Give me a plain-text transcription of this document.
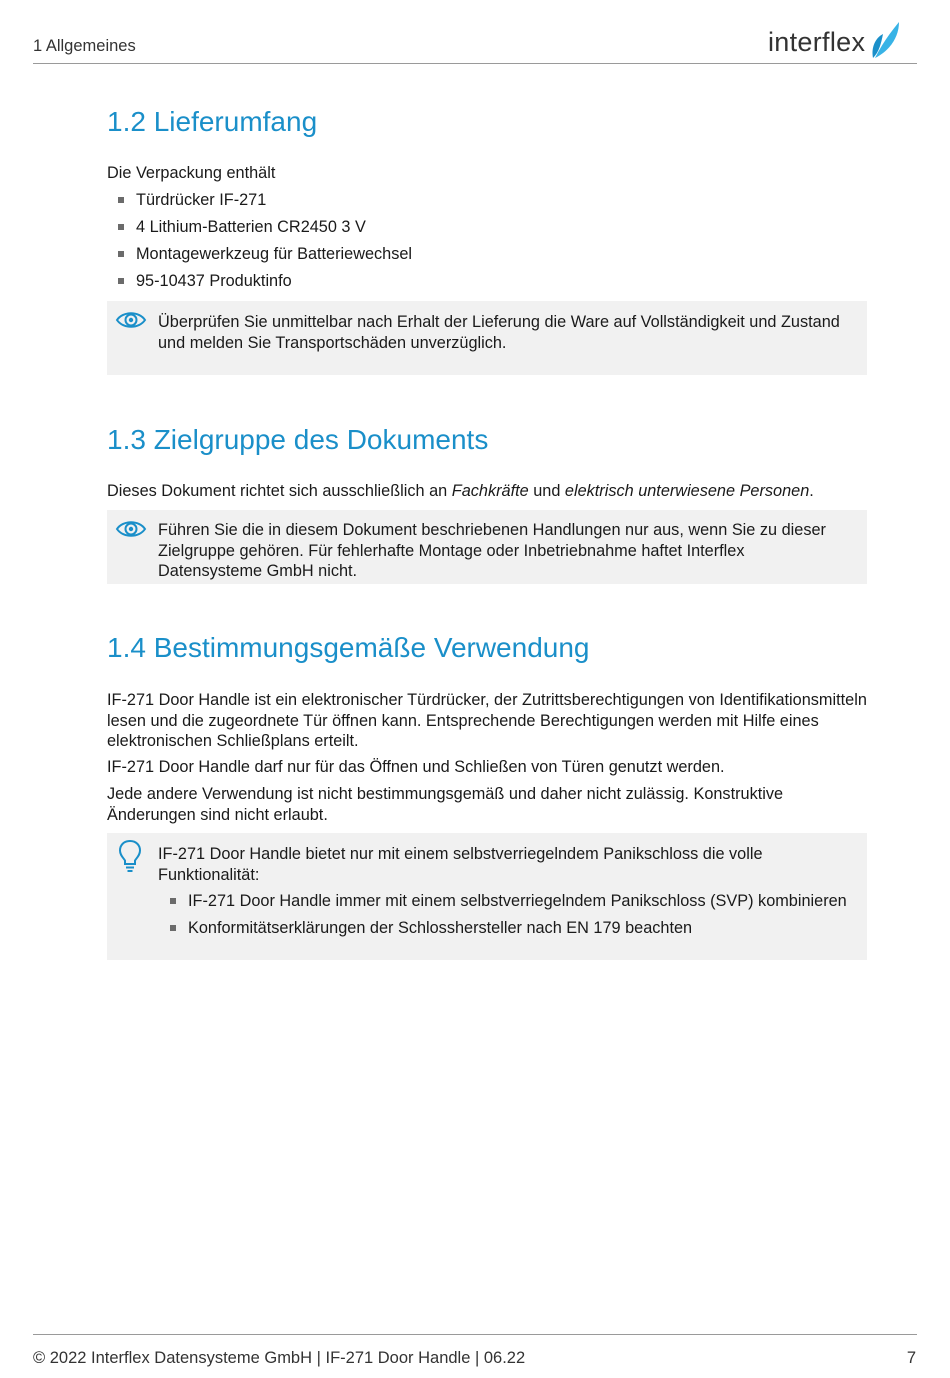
1 Allgemeines	interflex
1.2 Lieferumfang

Die Verpackung enthält

Türdrücker IF-271
4 Lithium-Batterien CR2450 3 V
Montagewerkzeug für Batteriewechsel
95-10437 Produktinfo
Überprüfen Sie unmittelbar nach Erhalt der Lieferung die Ware auf Vollständigkeit und Zustand und melden Sie Transportschäden unverzüglich.
1.3 Zielgruppe des Dokuments

Dieses Dokument richtet sich ausschließlich an Fachkräfte und elektrisch unterwiesene Personen.

Führen Sie die in diesem Dokument beschriebenen Handlungen nur aus, wenn Sie zu dieser Zielgruppe gehören. Für fehlerhafte Montage oder Inbetriebnahme haftet Interflex Datensysteme GmbH nicht.
1.4 Bestimmungsgemäße Verwendung

IF-271 Door Handle ist ein elektronischer Türdrücker, der Zutrittsberechtigungen von Identifikationsmitteln lesen und die zugeordnete Tür öffnen kann. Entsprechende Berechtigungen werden mit Hilfe eines elektronischen Schließplans erteilt.

IF-271 Door Handle darf nur für das Öffnen und Schließen von Türen genutzt werden.

Jede andere Verwendung ist nicht bestimmungsgemäß und daher nicht zulässig. Konstruktive Änderungen sind nicht erlaubt.

IF-271 Door Handle bietet nur mit einem selbstverriegelndem Panikschloss die volle Funktionalität:
IF-271 Door Handle immer mit einem selbstverriegelndem Panikschloss (SVP) kombinieren
Konformitätserklärungen der Schlosshersteller nach EN 179 beachten
© 2022 Interflex Datensysteme GmbH | IF-271 Door Handle | 06.22	7
